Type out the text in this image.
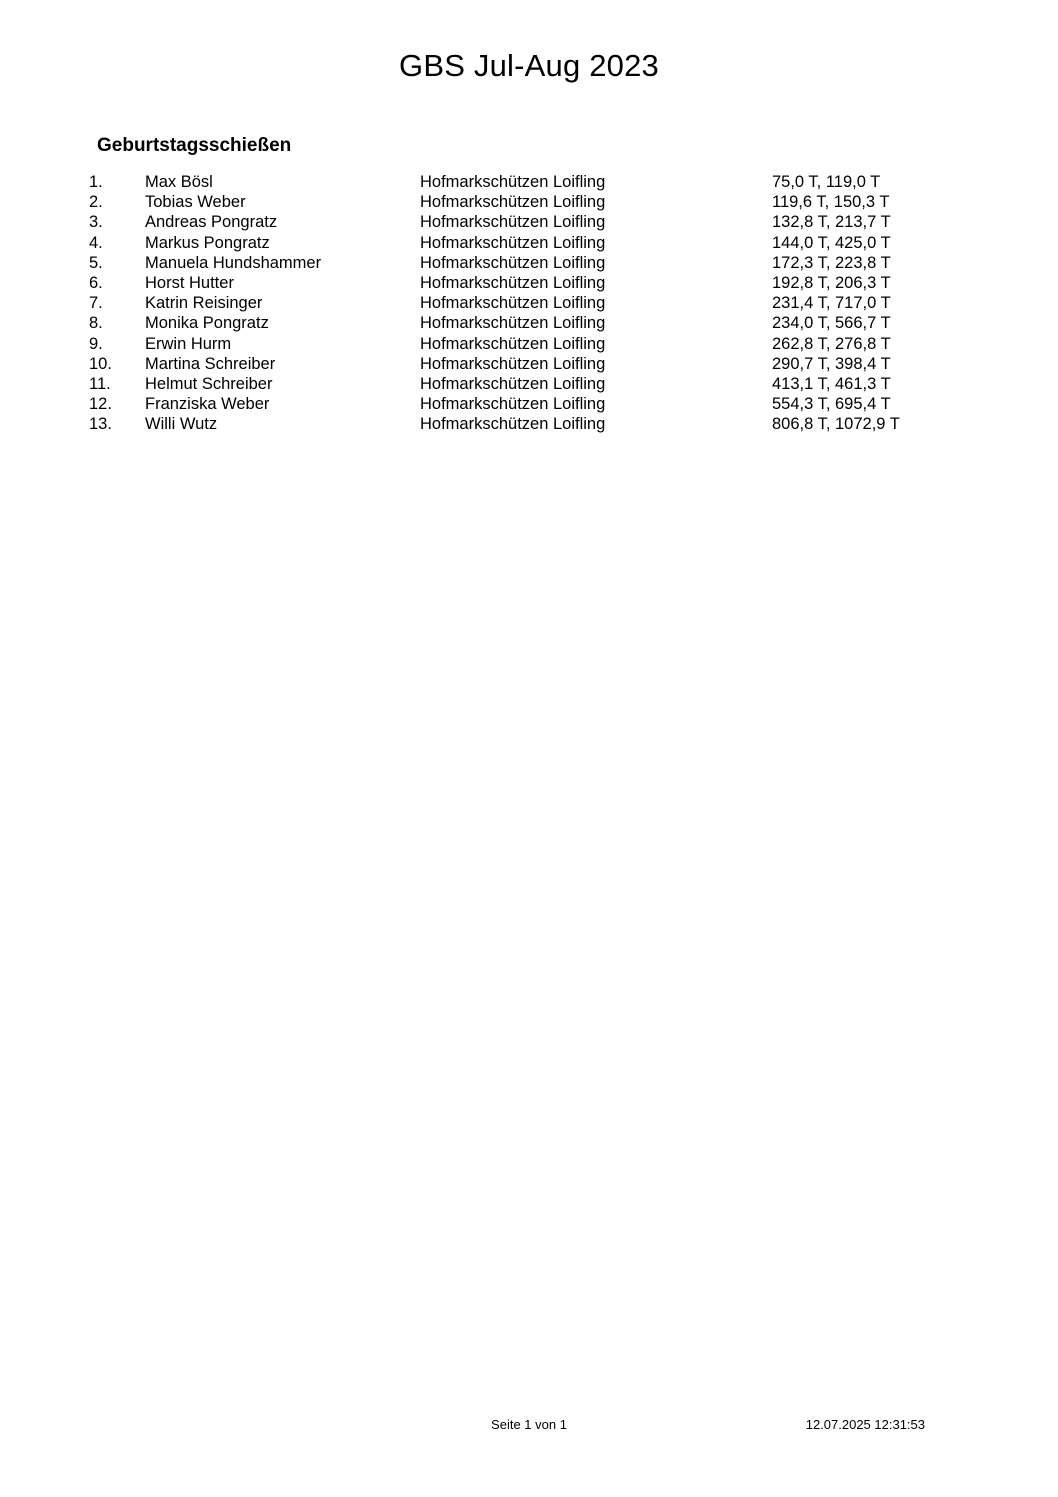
GBS Jul-Aug 2023
Geburtstagsschießen
1.	Max Bösl	Hofmarkschützen Loifling	75,0 T, 119,0 T
2.	Tobias Weber	Hofmarkschützen Loifling	119,6 T, 150,3 T
3.	Andreas Pongratz	Hofmarkschützen Loifling	132,8 T, 213,7 T
4.	Markus Pongratz	Hofmarkschützen Loifling	144,0 T, 425,0 T
5.	Manuela Hundshammer	Hofmarkschützen Loifling	172,3 T, 223,8 T
6.	Horst Hutter	Hofmarkschützen Loifling	192,8 T, 206,3 T
7.	Katrin Reisinger	Hofmarkschützen Loifling	231,4 T, 717,0 T
8.	Monika Pongratz	Hofmarkschützen Loifling	234,0 T, 566,7 T
9.	Erwin Hurm	Hofmarkschützen Loifling	262,8 T, 276,8 T
10.	Martina Schreiber	Hofmarkschützen Loifling	290,7 T, 398,4 T
11.	Helmut Schreiber	Hofmarkschützen Loifling	413,1 T, 461,3 T
12.	Franziska Weber	Hofmarkschützen Loifling	554,3 T, 695,4 T
13.	Willi Wutz	Hofmarkschützen Loifling	806,8 T, 1072,9 T
Seite 1 von 1	12.07.2025 12:31:53
